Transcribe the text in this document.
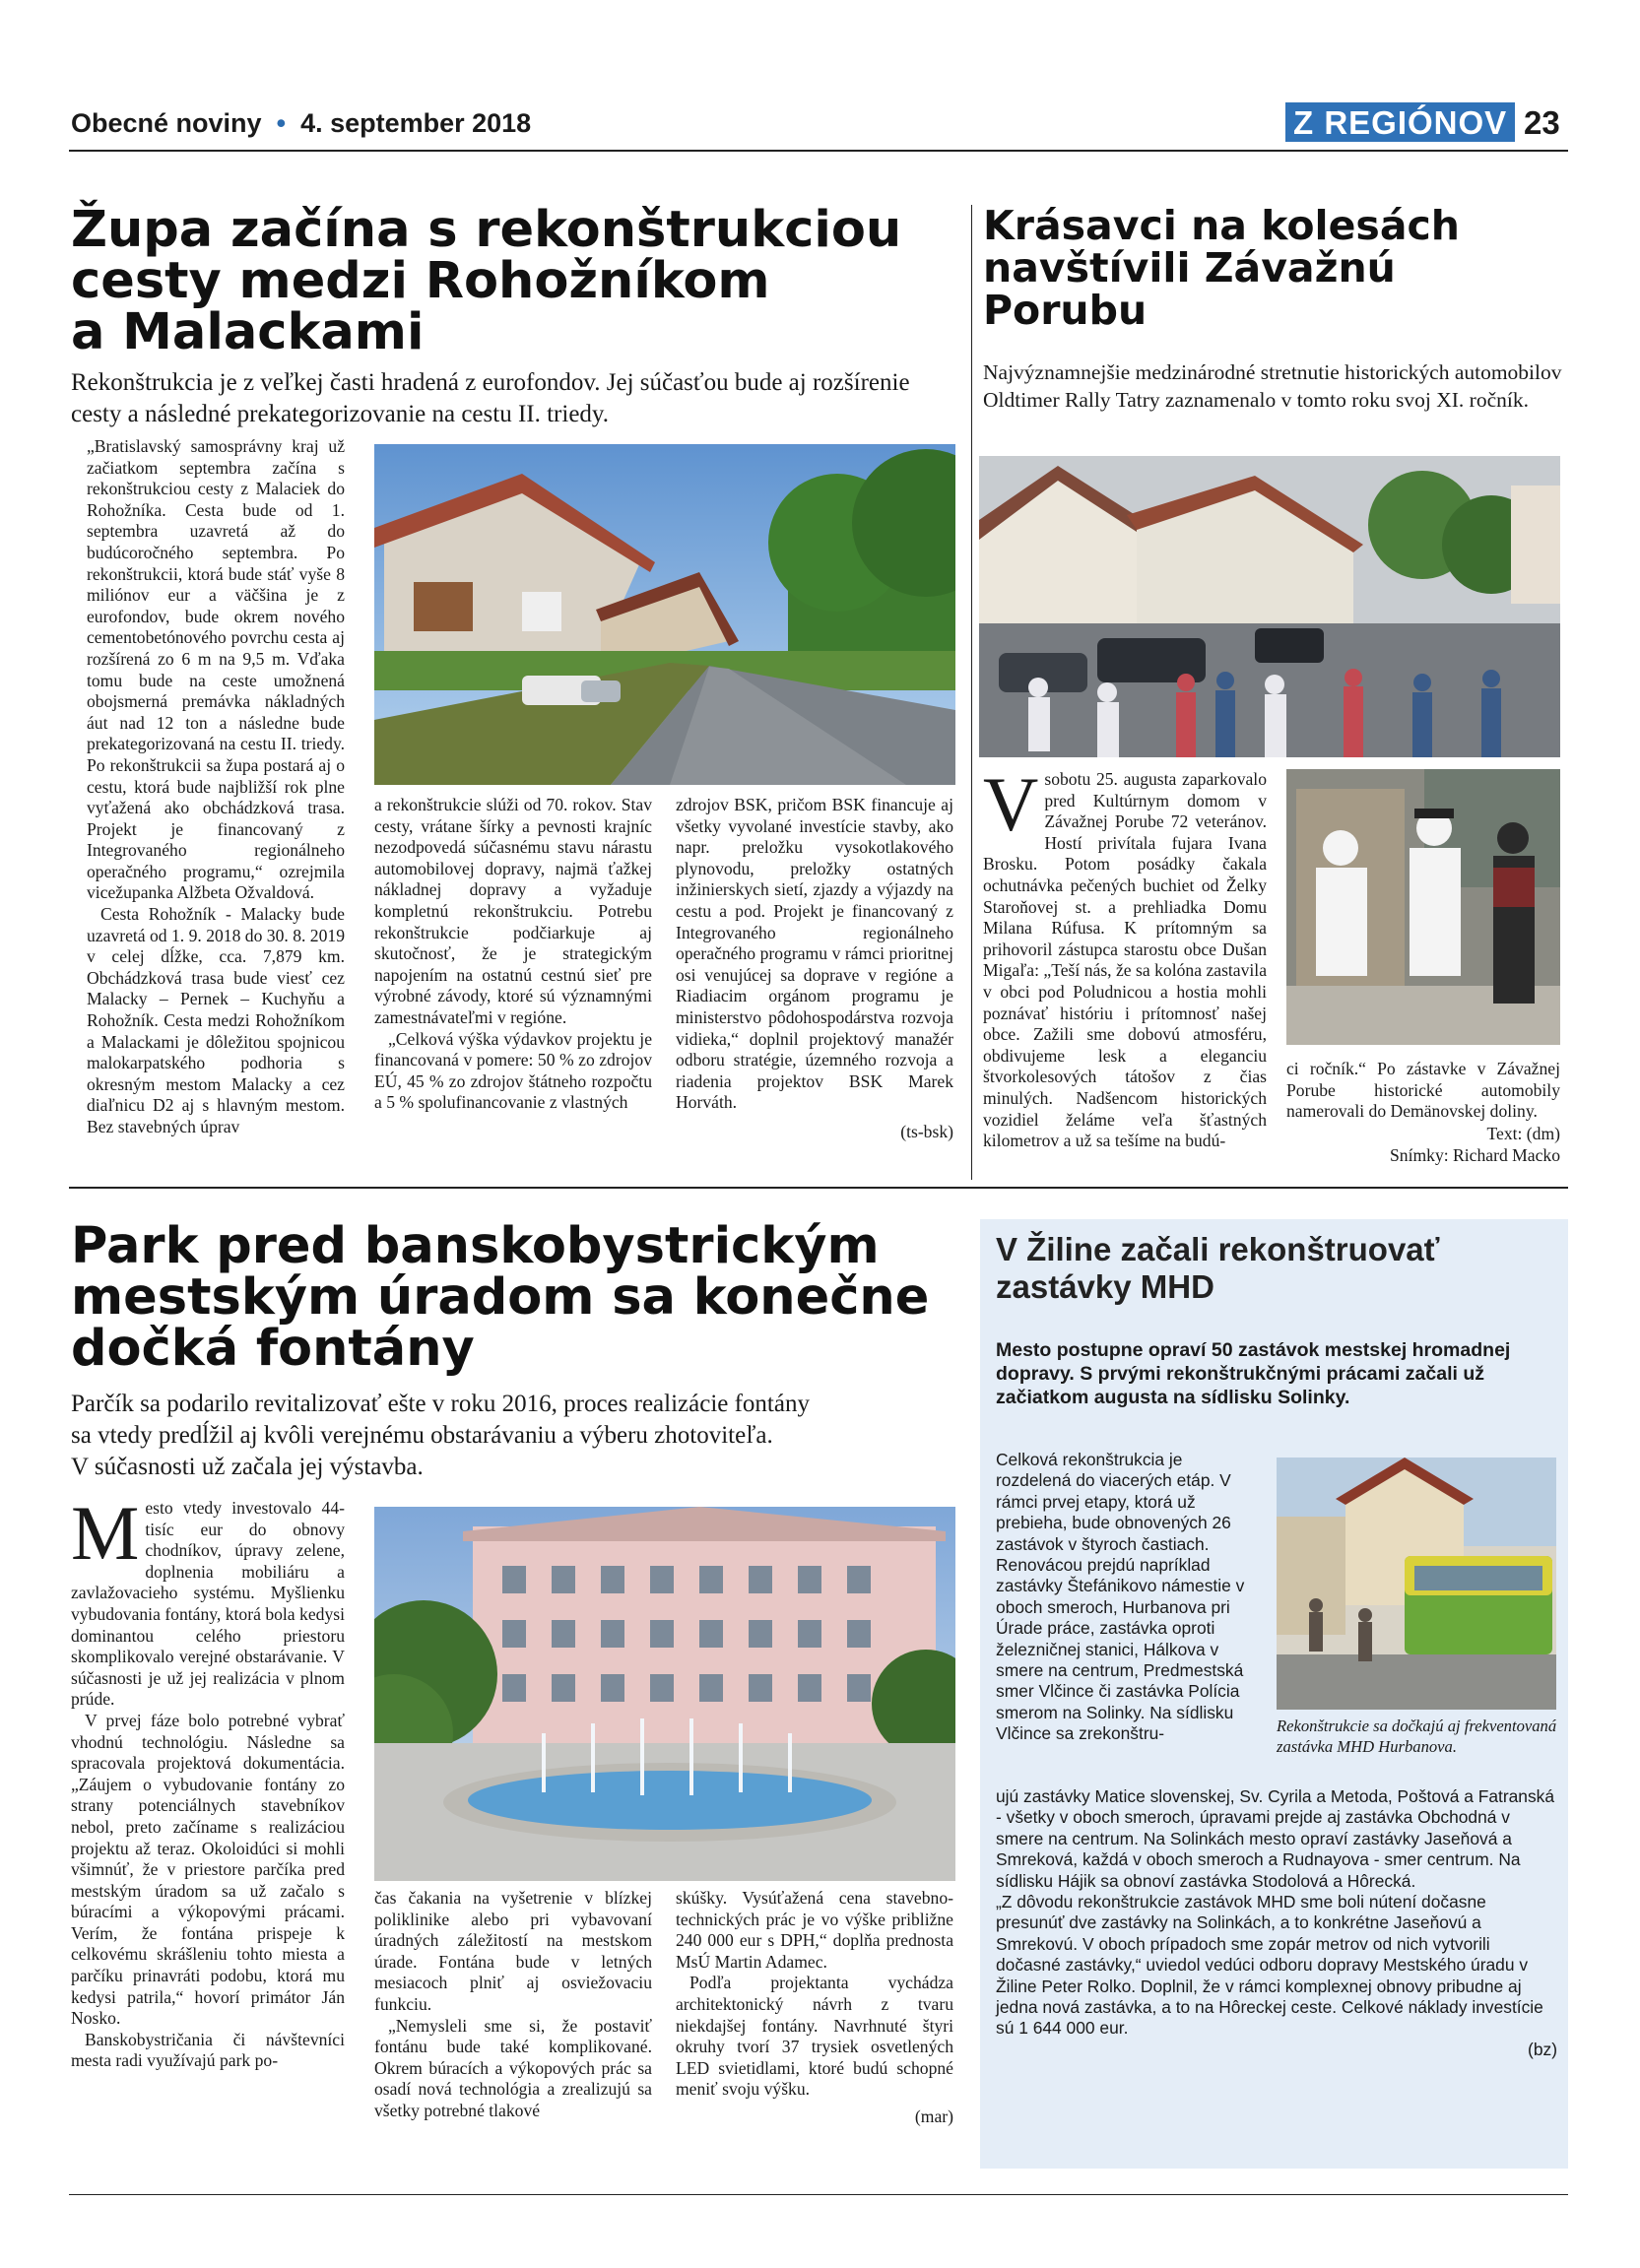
Obecné noviny  •  4. september 2018	Z REGIÓNOV 23
Župa začína s rekonštrukciou
cesty medzi Rohožníkom
a Malackami
Rekonštrukcia je z veľkej časti hradená z eurofondov. Jej súčasťou bude aj rozšírenie cesty a následné prekategorizovanie na cestu II. triedy.

„Bratislavský samosprávny kraj už začiatkom septembra začína s rekonštrukciou cesty z Malaciek do Rohožníka. Cesta bude od 1. septembra uzavretá až do budúcoročného septembra. Po rekonštrukcii, ktorá bude stáť vyše 8 miliónov eur a väčšina je z eurofondov, bude okrem nového cementobetónového povrchu cesta aj rozšírená zo 6 m na 9,5 m. Vďaka tomu bude na ceste umožnená obojsmerná premávka nákladných áut nad 12 ton a následne bude prekategorizovaná na cestu II. triedy. Po rekonštrukcii sa župa postará aj o cestu, ktorá bude najbližší rok plne vyťažená ako obchádzková trasa. Projekt je financovaný z Integrovaného regionálneho operačného programu,“ ozrejmila vicežupanka Alžbeta Ožvaldová.

Cesta Rohožník - Malacky bude uzavretá od 1. 9. 2018 do 30. 8. 2019 v celej dĺžke, cca. 7,879 km. Obchádzková trasa bude viesť cez Malacky – Pernek – Kuchyňu a Rohožník. Cesta medzi Rohožníkom a Malackami je dôležitou spojnicou malokarpatského podhoria s okresným mestom Malacky a cez diaľnicu D2 aj s hlavným mestom. Bez stavebných úprav

a rekonštrukcie slúži od 70. rokov. Stav cesty, vrátane šírky a pevnosti krajníc nezodpovedá súčasnému stavu nárastu automobilovej dopravy, najmä ťažkej nákladnej dopravy a vyžaduje kompletnú rekonštrukciu. Potrebu rekonštrukcie podčiarkuje aj skutočnosť, že je strategickým napojením na ostatnú cestnú sieť pre výrobné závody, ktoré sú významnými zamestnávateľmi v regióne.

„Celková výška výdavkov projektu je financovaná v pomere: 50 % zo zdrojov EÚ, 45 % zo zdrojov štátneho rozpočtu a 5 % spolufinancovanie z vlastných

zdrojov BSK, pričom BSK financuje aj všetky vyvolané investície stavby, ako napr. preložku vysokotlakového plynovodu, preložky ostatných inžinierskych sietí, zjazdy a výjazdy na cestu a pod. Projekt je financovaný z Integrovaného regionálneho operačného programu v rámci prioritnej osi venujúcej sa doprave v regióne a Riadiacim orgánom programu je ministerstvo pôdohospodárstva rozvoja vidieka,“ doplnil projektový manažér odboru stratégie, územného rozvoja a riadenia projektov BSK Marek Horváth.

(ts-bsk)

Krásavci na kolesách
navštívili Závažnú
Porubu
Najvýznamnejšie medzinárodné stretnutie historických automobilov Oldtimer Rally Tatry zaznamenalo v tomto roku svoj XI. ročník.
V sobotu 25. augusta zaparkovalo pred Kultúrnym domom v Závažnej Porube 72 veteránov. Hostí privítala fujara Ivana Brosku. Potom posádky čakala ochutnávka pečených buchiet od Želky Staroňovej st. a prehliadka Domu Milana Rúfusa. K prítomným sa prihovoril zástupca starostu obce Dušan Migaľa: „Teší nás, že sa kolóna zastavila v obci pod Poludnicou a hostia mohli poznávať históriu i prítomnosť našej obce. Zažili sme dobovú atmosféru, obdivujeme lesk a eleganciu štvorkolesových tátošov z čias minulých. Nadšencom historických vozidiel želáme veľa šťastných kilometrov a už sa tešíme na budú-
ci ročník.“ Po zástavke v Závažnej Porube historické automobily namerovali do Demänovskej doliny.
Text: (dm)
Snímky: Richard Macko
Park pred banskobystrickým
mestským úradom sa konečne
dočká fontány
Parčík sa podarilo revitalizovať ešte v roku 2016, proces realizácie fontány
sa vtedy predĺžil aj kvôli verejnému obstarávaniu a výberu zhotoviteľa.
V súčasnosti už začala jej výstavba.

Mesto vtedy investovalo 44-tisíc eur do obnovy chodníkov, úpravy zelene, doplnenia mobiliáru a zavlažovacieho systému. Myšlienku vybudovania fontány, ktorá bola kedysi dominantou celého priestoru skomplikovalo verejné obstarávanie. V súčasnosti je už jej realizácia v plnom prúde.

V prvej fáze bolo potrebné vybrať vhodnú technológiu. Následne sa spracovala projektová dokumentácia. „Záujem o vybudovanie fontány zo strany potenciálnych stavebníkov nebol, preto začíname s realizáciou projektu až teraz. Okoloidúci si mohli všimnúť, že v priestore parčíka pred mestským úradom sa už začalo s búracími a výkopovými prácami. Verím, že fontána prispeje k celkovému skrášleniu tohto miesta a parčíku prinavráti podobu, ktorá mu kedysi patrila,“ hovorí primátor Ján Nosko.

Banskobystričania či návštevníci mesta radi využívajú park po-

čas čakania na vyšetrenie v blízkej poliklinike alebo pri vybavovaní úradných záležitostí na mestskom úrade. Fontána bude v letných mesiacoch plniť aj osviežovaciu funkciu.

„Nemysleli sme si, že postaviť fontánu bude také komplikované. Okrem búracích a výkopových prác sa osadí nová technológia a zrealizujú sa všetky potrebné tlakové

skúšky. Vysúťažená cena stavebno-technických prác je vo výške približne 240 000 eur s DPH,“ doplňa prednosta MsÚ Martin Adamec.

Podľa projektanta vychádza architektonický návrh z tvaru niekdajšej fontány. Navrhnuté štyri okruhy tvorí 37 trysiek osvetlených LED svietidlami, ktoré budú schopné meniť svoju výšku.

(mar)

V Žiline začali rekonštruovať
zastávky MHD
Mesto postupne opraví 50 zastávok mestskej hromadnej dopravy. S prvými rekonštrukčnými prácami začali už začiatkom augusta na sídlisku Solinky.
Celková rekonštrukcia je rozdelená do viacerých etáp. V rámci prvej etapy, ktorá už prebieha, bude obnovených 26 zastávok v štyroch častiach. Renovácou prejdú napríklad zastávky Štefánikovo námestie v oboch smeroch, Hurbanova pri Úrade práce, zastávka oproti železničnej stanici, Hálkova v smere na centrum, Predmestská smer Vlčince či zastávka Polícia smerom na Solinky. Na sídlisku Vlčince sa zrekonštru-	Rekonštrukcie sa dočkajú aj frekventovaná zastávka MHD Hurbanova.
ujú zastávky Matice slovenskej, Sv. Cyrila a Metoda, Poštová a Fatranská - všetky v oboch smeroch, úpravami prejde aj zastávka Obchodná v smere na centrum. Na Solinkách mesto opraví zastávky Jaseňová a Smreková, každá v oboch smeroch a Rudnayova - smer centrum. Na sídlisku Hájik sa obnoví zastávka Stodolová a Hôrecká.
„Z dôvodu rekonštrukcie zastávok MHD sme boli nútení dočasne presunúť dve zastávky na Solinkách, a to konkrétne Jaseňovú a Smrekovú. V oboch prípadoch sme zopár metrov od nich vytvorili dočasné zastávky,“ uviedol vedúci odboru dopravy Mestského úradu v Žiline Peter Rolko. Doplnil, že v rámci komplexnej obnovy pribudne aj jedna nová zastávka, a to na Hôreckej ceste. Celkové náklady investície sú 1 644 000 eur.
(bz)
